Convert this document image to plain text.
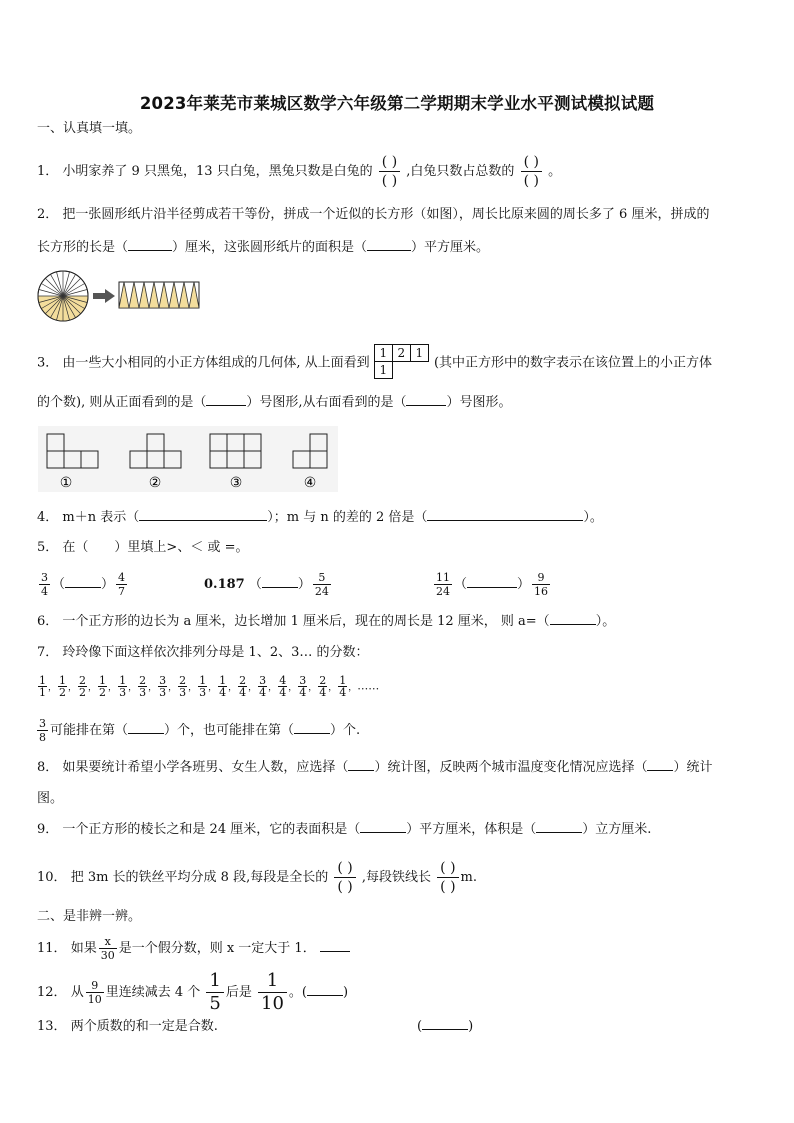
2023年莱芜市莱城区数学六年级第二学期期末学业水平测试模拟试题
一、认真填一填。
1． 小明家养了 9 只黑兔，13 只白兔，黑兔只数是白兔的
( )
( )
,白兔只数占总数的
( )
( )
。
2． 把一张圆形纸片沿半径剪成若干等份，拼成一个近似的长方形（如图），周长比原来圆的周长多了 6 厘米，拼成的
长方形的长是（	）厘米，这张圆形纸片的面积是（	）平方厘米。
3． 由一些大小相同的小正方体组成的几何体, 从上面看到
1 2 1
1	(其中正方形中的数字表示在该位置上的小正方体
的个数), 则从正面看到的是（	）号图形,从右面看到的是（	）号图形。
①	②	③	④
4． m＋n 表示（	）；m 与 n 的差的 2 倍是（	）。
5． 在（　　）里填上>、＜ 或 =。
$\frac{3}{4}$ （	） $\frac{4}{7}$	0.187 （	） $\frac{5}{24}$	$\frac{11}{24}$ （	） $\frac{9}{16}$
6． 一个正方形的边长为 a 厘米，边长增加 1 厘米后，现在的周长是 12 厘米， 则 a=（	）。
7． 玲玲像下面这样依次排列分母是 1、2、3… 的分数：
$\frac{1}{1}$ ， $\frac{1}{2}$ ， $\frac{2}{2}$ ， $\frac{1}{2}$ ， $\frac{1}{3}$ ， $\frac{2}{3}$ ， $\frac{3}{3}$ ， $\frac{2}{3}$ ， $\frac{1}{3}$ ， $\frac{1}{4}$ ， $\frac{2}{4}$ ， $\frac{3}{4}$ ， $\frac{4}{4}$ ， $\frac{3}{4}$ ， $\frac{2}{4}$ ， $\frac{1}{4}$ ，……
$\frac{3}{8}$ 可能排在第（	）个，也可能排在第（	）个.
8． 如果要统计希望小学各班男、女生人数，应选择（ ）统计图，反映两个城市温度变化情况应选择（ ）统计
图。
9． 一个正方形的棱长之和是 24 厘米，它的表面积是（	）平方厘米，体积是（	）立方厘米.
10． 把 3m 长的铁丝平均分成 8 段,每段是全长的
( )
( )
,每段铁线长
( )
( )
m.
二、是非辨一辨。
11． 如果 $\frac{x}{30}$ 是一个假分数，则 x 一定大于 1．
12． 从 $\frac{9}{10}$ 里连续减去 4 个 $\frac{1}{5}$ 后是 $\frac{1}{10}$ 。(	)
13． 两个质数的和一定是合数.	(	)
